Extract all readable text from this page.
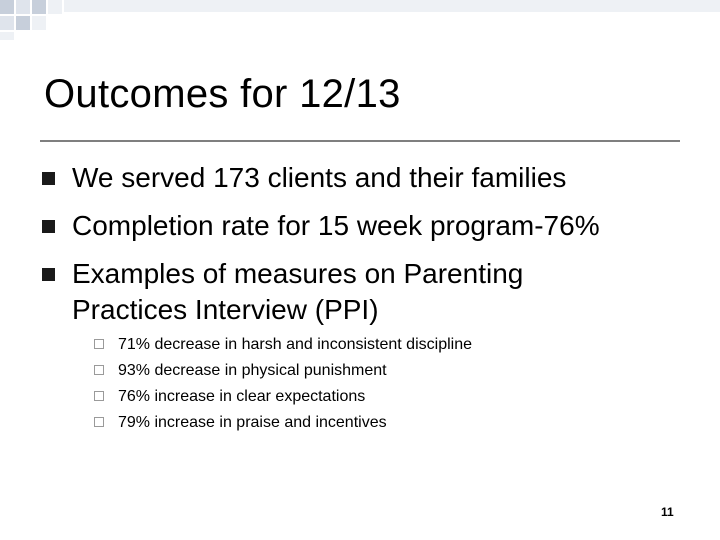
Outcomes for 12/13
We served 173 clients and their families
Completion rate for 15 week program-76%
Examples of measures on Parenting
Practices Interview (PPI)
71% decrease in harsh and inconsistent discipline
93% decrease in physical punishment
76% increase in clear expectations
79% increase in praise and incentives
11
